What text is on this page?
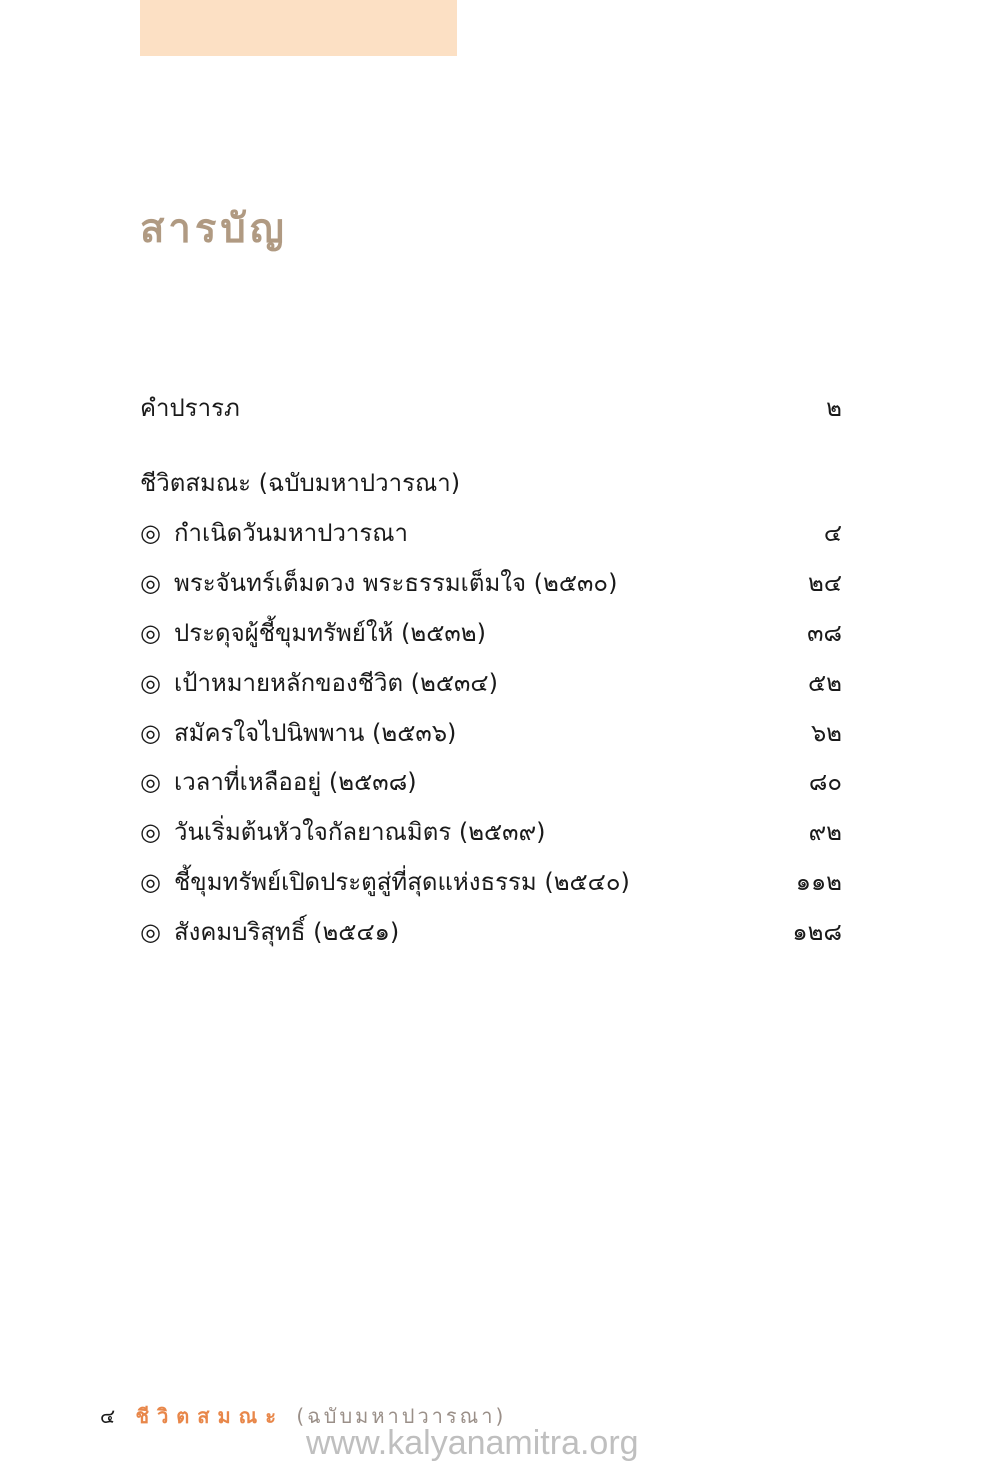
สารบัญ
คำปรารภ	๒
ชีวิตสมณะ (ฉบับมหาปวารณา)
◎ กำเนิดวันมหาปวารณา	๔
◎ พระจันทร์เต็มดวง พระธรรมเต็มใจ (๒๕๓๐)	๒๔
◎ ประดุจผู้ชี้ขุมทรัพย์ให้ (๒๕๓๒)	๓๘
◎ เป้าหมายหลักของชีวิต (๒๕๓๔)	๕๒
◎ สมัครใจไปนิพพาน (๒๕๓๖)	๖๒
◎ เวลาที่เหลืออยู่ (๒๕๓๘)	๘๐
◎ วันเริ่มต้นหัวใจกัลยาณมิตร (๒๕๓๙)	๙๒
◎ ชี้ขุมทรัพย์เปิดประตูสู่ที่สุดแห่งธรรม (๒๕๔๐)	๑๑๒
◎ สังคมบริสุทธิ์ (๒๕๔๑)	๑๒๘
๔ ชีวิตสมณะ (ฉบับมหาปวารณา)
www.kalyanamitra.org
